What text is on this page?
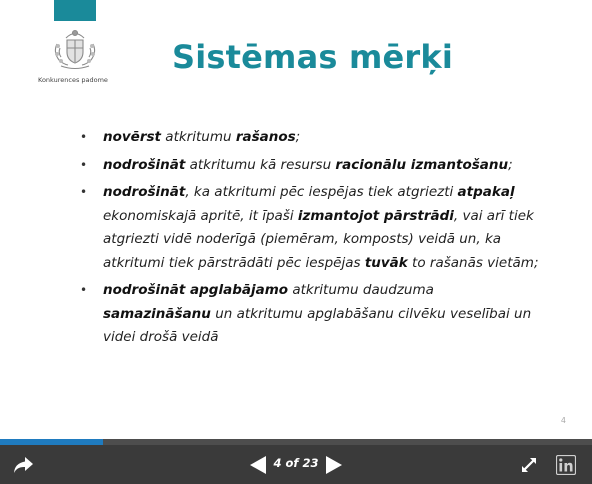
Konkurences padome
Sistēmas mērķi
• novērst atkritumu rašanos;
• nodrošināt atkritumu kā resursu racionālu izmantošanu;
• nodrošināt, ka atkritumi pēc iespējas tiek atgriezti atpakaļ ekonomiskajā apritē, it īpaši izmantojot pārstrādi, vai arī tiek atgriezti vidē noderīgā (piemēram, komposts) veidā un, ka atkritumi tiek pārstrādāti pēc iespējas tuvāk to rašanās vietām;
• nodrošināt apglabājamo atkritumu daudzuma samazināšanu un atkritumu apglabāšanu cilvēku veselībai un videi drošā veidā
4
4 of 23
